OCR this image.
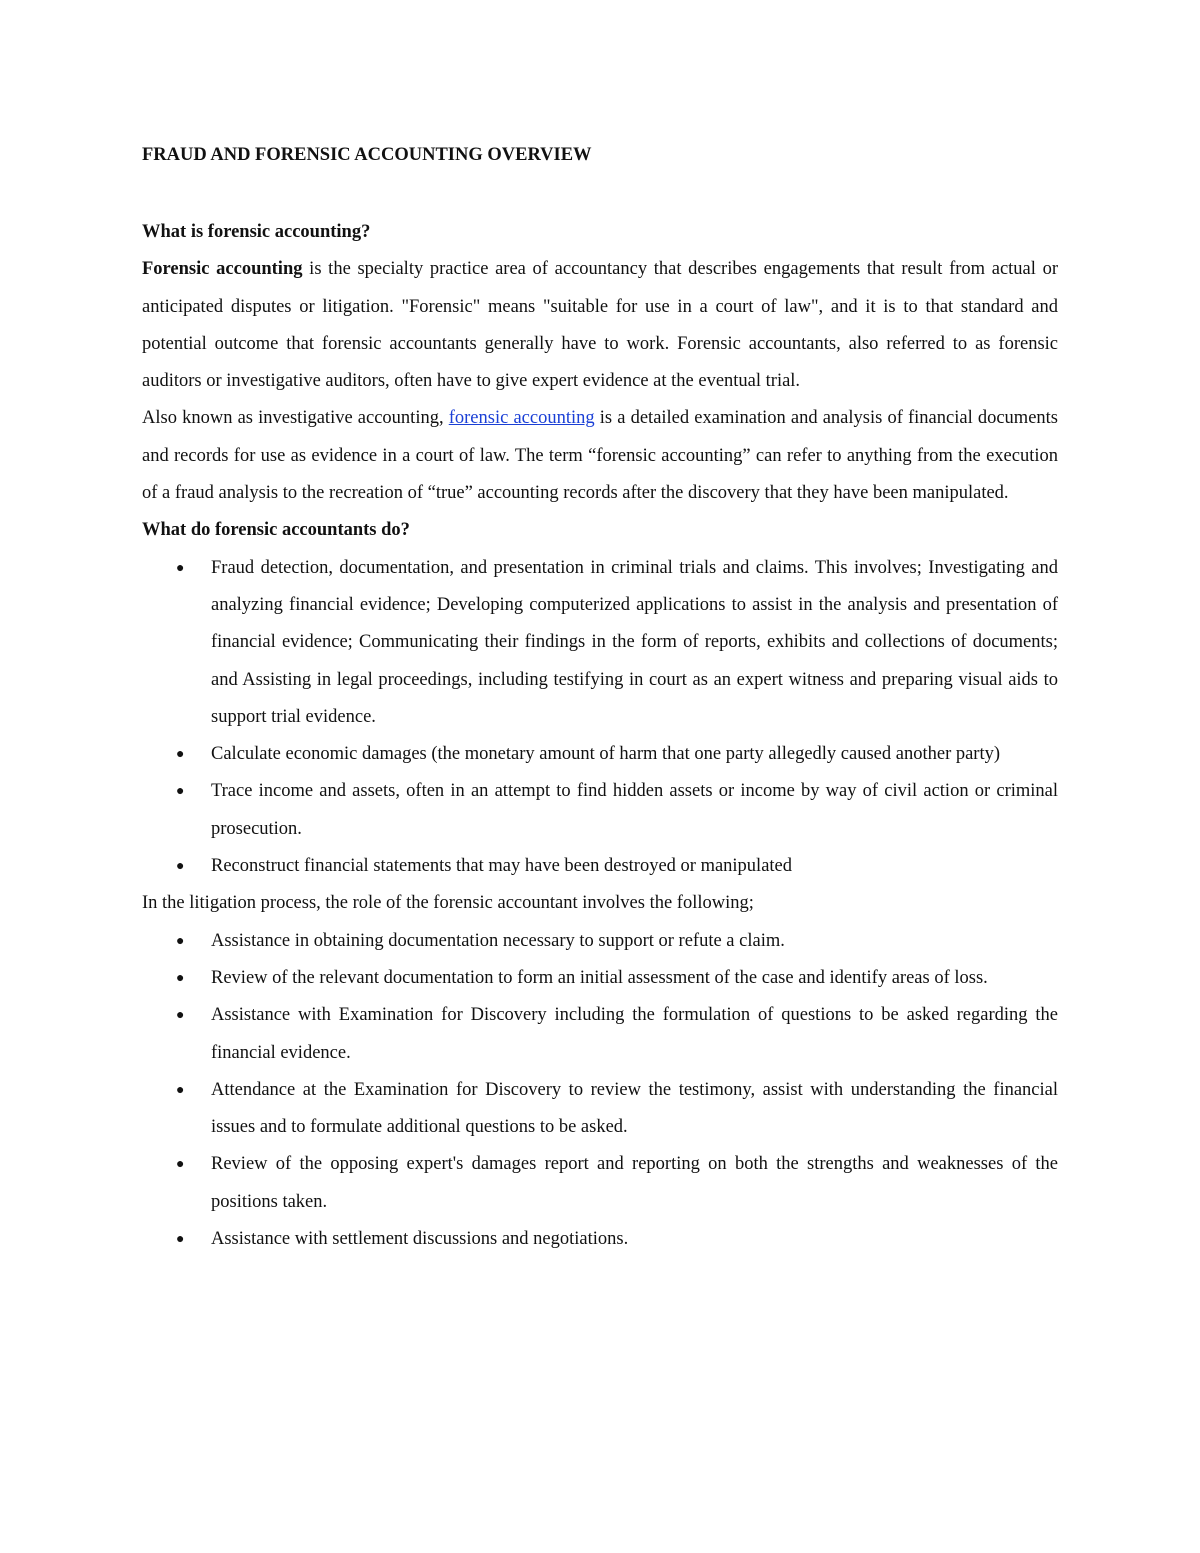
FRAUD AND FORENSIC ACCOUNTING OVERVIEW
What is forensic accounting?

Forensic accounting is the specialty practice area of accountancy that describes engagements that result from actual or anticipated disputes or litigation. "Forensic" means "suitable for use in a court of law", and it is to that standard and potential outcome that forensic accountants generally have to work. Forensic accountants, also referred to as forensic auditors or investigative auditors, often have to give expert evidence at the eventual trial.

Also known as investigative accounting, forensic accounting is a detailed examination and analysis of financial documents and records for use as evidence in a court of law. The term “forensic accounting” can refer to anything from the execution of a fraud analysis to the recreation of “true” accounting records after the discovery that they have been manipulated.

What do forensic accountants do?
● Fraud detection, documentation, and presentation in criminal trials and claims. This involves; Investigating and analyzing financial evidence; Developing computerized applications to assist in the analysis and presentation of financial evidence; Communicating their findings in the form of reports, exhibits and collections of documents; and Assisting in legal proceedings, including testifying in court as an expert witness and preparing visual aids to support trial evidence.
● Calculate economic damages (the monetary amount of harm that one party allegedly caused another party)
● Trace income and assets, often in an attempt to find hidden assets or income by way of civil action or criminal prosecution.
● Reconstruct financial statements that may have been destroyed or manipulated

In the litigation process, the role of the forensic accountant involves the following;

● Assistance in obtaining documentation necessary to support or refute a claim.
● Review of the relevant documentation to form an initial assessment of the case and identify areas of loss.
● Assistance with Examination for Discovery including the formulation of questions to be asked regarding the financial evidence.
● Attendance at the Examination for Discovery to review the testimony, assist with understanding the financial issues and to formulate additional questions to be asked.
● Review of the opposing expert's damages report and reporting on both the strengths and weaknesses of the positions taken.
● Assistance with settlement discussions and negotiations.
